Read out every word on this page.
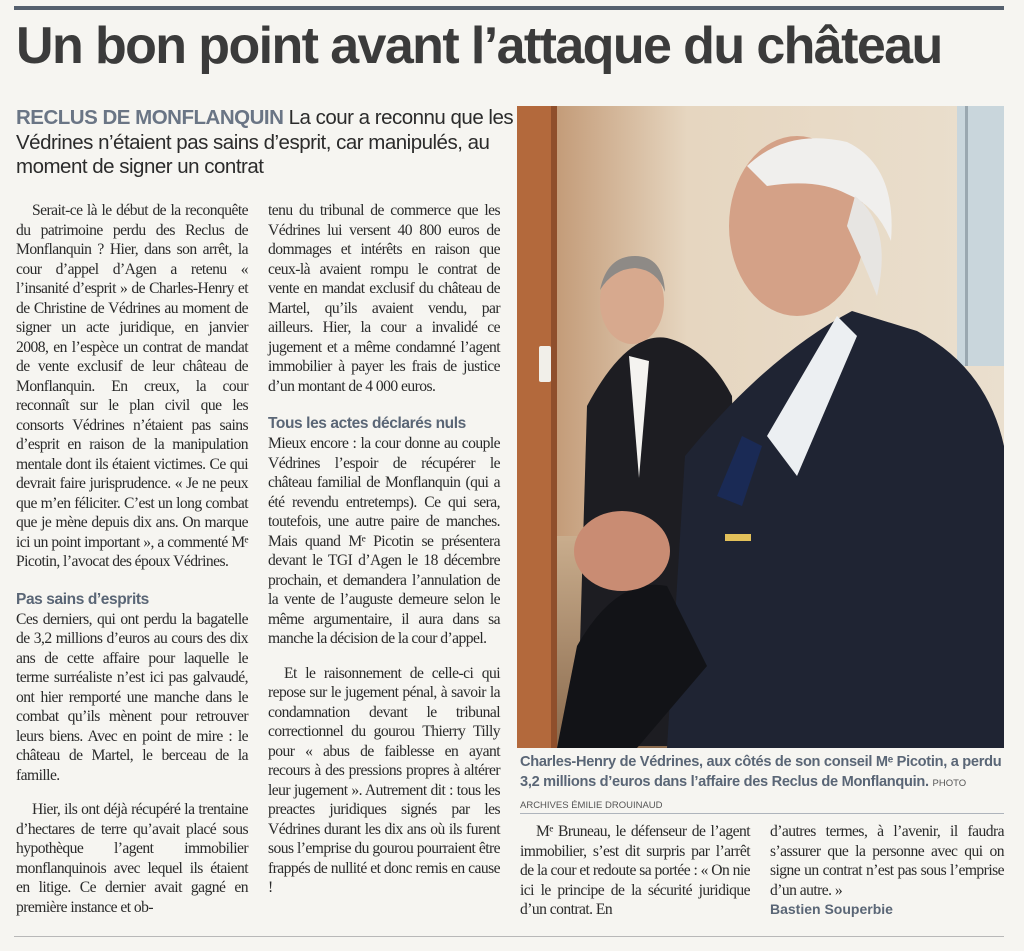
Un bon point avant l’attaque du château
RECLUS DE MONFLANQUIN La cour a reconnu que les Védrines n’étaient pas sains d’esprit, car manipulés, au moment de signer un contrat

Serait-ce là le début de la reconquête du patrimoine perdu des Reclus de Monflanquin ? Hier, dans son arrêt, la cour d’appel d’Agen a retenu « l’insanité d’esprit » de Charles-Henry et de Christine de Védrines au moment de signer un acte juridique, en janvier 2008, en l’espèce un contrat de mandat de vente exclusif de leur château de Monflanquin. En creux, la cour reconnaît sur le plan civil que les consorts Védrines n’étaient pas sains d’esprit en raison de la manipulation mentale dont ils étaient victimes. Ce qui devrait faire jurisprudence. « Je ne peux que m’en féliciter. C’est un long combat que je mène depuis dix ans. On marque ici un point important », a commenté Mᵉ Picotin, l’avocat des époux Védrines.

Pas sains d’esprits

Ces derniers, qui ont perdu la bagatelle de 3,2 millions d’euros au cours des dix ans de cette affaire pour laquelle le terme surréaliste n’est ici pas galvaudé, ont hier remporté une manche dans le combat qu’ils mènent pour retrouver leurs biens. Avec en point de mire : le château de Martel, le berceau de la famille.

Hier, ils ont déjà récupéré la trentaine d’hectares de terre qu’avait placé sous hypothèque l’agent immobilier monflanquinois avec lequel ils étaient en litige. Ce dernier avait gagné en première instance et ob-

tenu du tribunal de commerce que les Védrines lui versent 40 800 euros de dommages et intérêts en raison que ceux-là avaient rompu le contrat de vente en mandat exclusif du château de Martel, qu’ils avaient vendu, par ailleurs. Hier, la cour a invalidé ce jugement et a même condamné l’agent immobilier à payer les frais de justice d’un montant de 4 000 euros.

Tous les actes déclarés nuls

Mieux encore : la cour donne au couple Védrines l’espoir de récupérer le château familial de Monflanquin (qui a été revendu entretemps). Ce qui sera, toutefois, une autre paire de manches. Mais quand Mᵉ Picotin se présentera devant le TGI d’Agen le 18 décembre prochain, et demandera l’annulation de la vente de l’auguste demeure selon le même argumentaire, il aura dans sa manche la décision de la cour d’appel.

Et le raisonnement de celle-ci qui repose sur le jugement pénal, à savoir la condamnation devant le tribunal correctionnel du gourou Thierry Tilly pour « abus de faiblesse en ayant recours à des pressions propres à altérer leur jugement ». Autrement dit : tous les preactes juridiques signés par les Védrines durant les dix ans où ils furent sous l’emprise du gourou pourraient être frappés de nullité et donc remis en cause !

Charles-Henry de Védrines, aux côtés de son conseil Mᵉ Picotin, a perdu 3,2 millions d’euros dans l’affaire des Reclus de Monflanquin. PHOTO ARCHIVES ÉMILIE DROUINAUD

Mᵉ Bruneau, le défenseur de l’agent immobilier, s’est dit surpris par l’arrêt de la cour et redoute sa portée : « On nie ici le principe de la sécurité juridique d’un contrat. En

d’autres termes, à l’avenir, il faudra s’assurer que la personne avec qui on signe un contrat n’est pas sous l’emprise d’un autre. »

Bastien Souperbie
